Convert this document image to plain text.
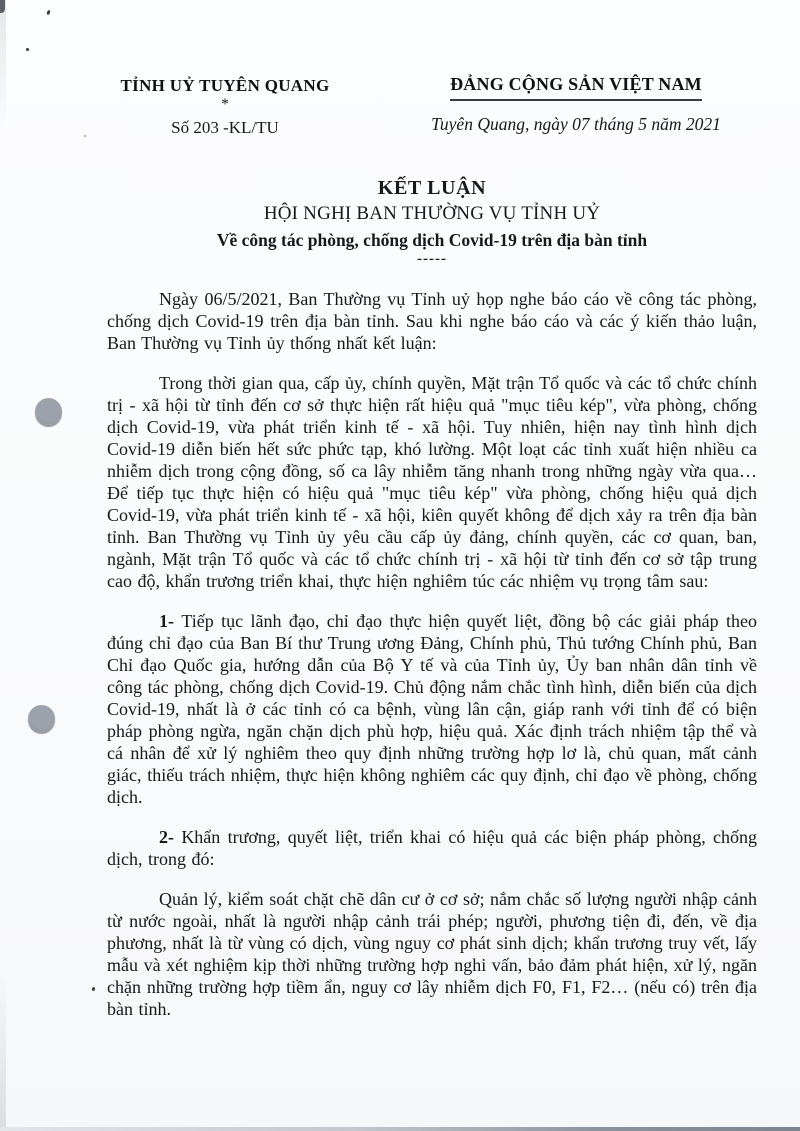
TỈNH UỶ TUYÊN QUANG
*
Số 203 -KL/TU
ĐẢNG CỘNG SẢN VIỆT NAM
Tuyên Quang, ngày 07 tháng 5 năm 2021
KẾT LUẬN
HỘI NGHỊ BAN THƯỜNG VỤ TỈNH UỶ
Về công tác phòng, chống dịch Covid-19 trên địa bàn tỉnh
-----

Ngày 06/5/2021, Ban Thường vụ Tỉnh uỷ họp nghe báo cáo về công tác phòng, chống dịch Covid-19 trên địa bàn tỉnh. Sau khi nghe báo cáo và các ý kiến thảo luận, Ban Thường vụ Tỉnh ủy thống nhất kết luận:

Trong thời gian qua, cấp ủy, chính quyền, Mặt trận Tổ quốc và các tổ chức chính trị - xã hội từ tỉnh đến cơ sở thực hiện rất hiệu quả "mục tiêu kép", vừa phòng, chống dịch Covid-19, vừa phát triển kinh tế - xã hội. Tuy nhiên, hiện nay tình hình dịch Covid-19 diễn biến hết sức phức tạp, khó lường. Một loạt các tỉnh xuất hiện nhiều ca nhiễm dịch trong cộng đồng, số ca lây nhiễm tăng nhanh trong những ngày vừa qua… Để tiếp tục thực hiện có hiệu quả "mục tiêu kép" vừa phòng, chống hiệu quả dịch Covid-19, vừa phát triển kinh tế - xã hội, kiên quyết không để dịch xảy ra trên địa bàn tỉnh. Ban Thường vụ Tỉnh ủy yêu cầu cấp ủy đảng, chính quyền, các cơ quan, ban, ngành, Mặt trận Tổ quốc và các tổ chức chính trị - xã hội từ tỉnh đến cơ sở tập trung cao độ, khẩn trương triển khai, thực hiện nghiêm túc các nhiệm vụ trọng tâm sau:

1- Tiếp tục lãnh đạo, chỉ đạo thực hiện quyết liệt, đồng bộ các giải pháp theo đúng chỉ đạo của Ban Bí thư Trung ương Đảng, Chính phủ, Thủ tướng Chính phủ, Ban Chỉ đạo Quốc gia, hướng dẫn của Bộ Y tế và của Tỉnh ủy, Ủy ban nhân dân tỉnh về công tác phòng, chống dịch Covid-19. Chủ động nắm chắc tình hình, diễn biến của dịch Covid-19, nhất là ở các tỉnh có ca bệnh, vùng lân cận, giáp ranh với tỉnh để có biện pháp phòng ngừa, ngăn chặn dịch phù hợp, hiệu quả. Xác định trách nhiệm tập thể và cá nhân để xử lý nghiêm theo quy định những trường hợp lơ là, chủ quan, mất cảnh giác, thiếu trách nhiệm, thực hiện không nghiêm các quy định, chỉ đạo về phòng, chống dịch.

2- Khẩn trương, quyết liệt, triển khai có hiệu quả các biện pháp phòng, chống dịch, trong đó:

Quản lý, kiểm soát chặt chẽ dân cư ở cơ sở; nắm chắc số lượng người nhập cảnh từ nước ngoài, nhất là người nhập cảnh trái phép; người, phương tiện đi, đến, về địa phương, nhất là từ vùng có dịch, vùng nguy cơ phát sinh dịch; khẩn trương truy vết, lấy mẫu và xét nghiệm kịp thời những trường hợp nghi vấn, bảo đảm phát hiện, xử lý, ngăn chặn những trường hợp tiềm ẩn, nguy cơ lây nhiễm dịch F0, F1, F2… (nếu có) trên địa bàn tỉnh.
